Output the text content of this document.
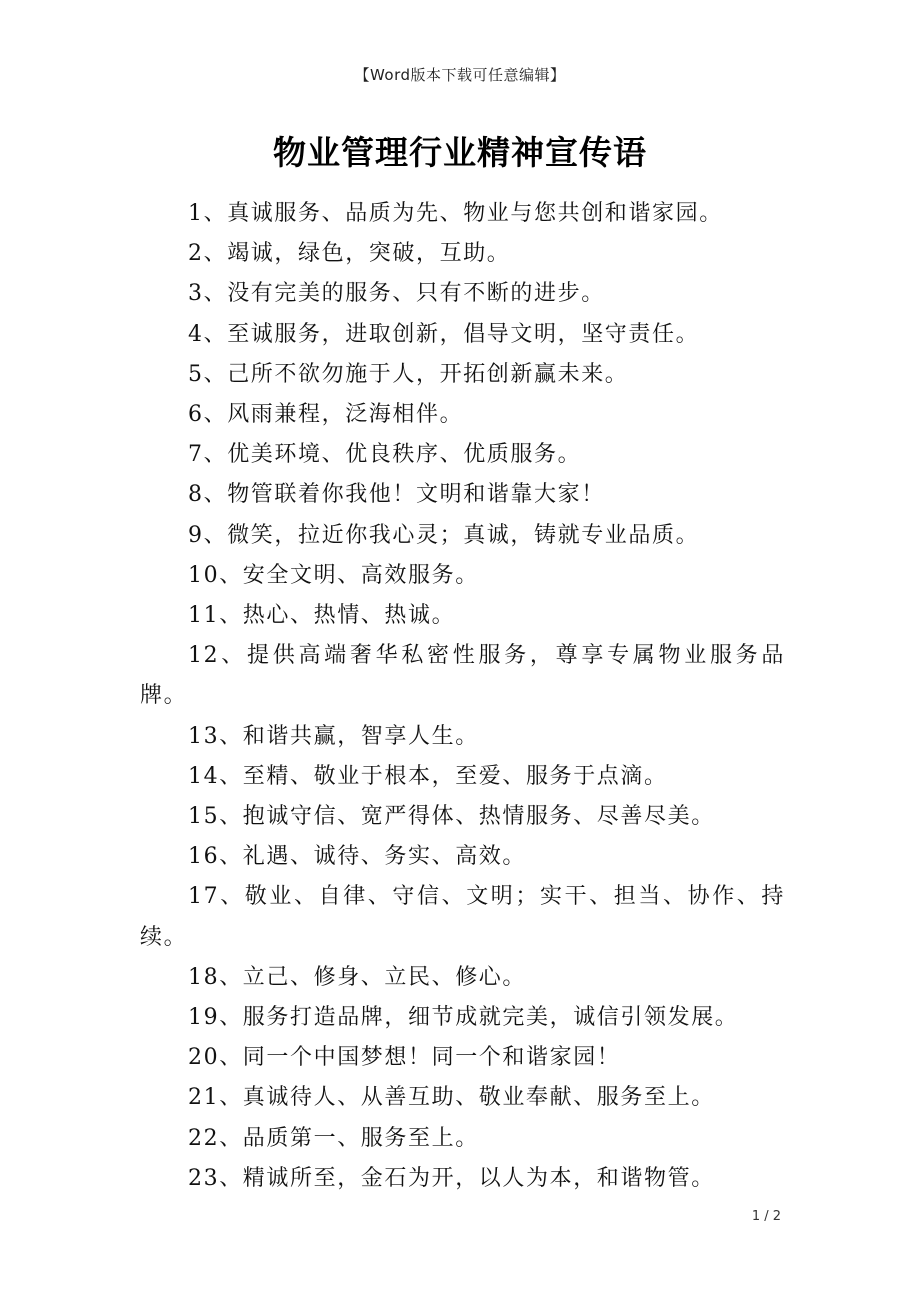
【Word版本下载可任意编辑】
物业管理行业精神宣传语

1、真诚服务、品质为先、物业与您共创和谐家园。

2、竭诚，绿色，突破，互助。

3、没有完美的服务、只有不断的进步。

4、至诚服务，进取创新，倡导文明，坚守责任。

5、己所不欲勿施于人，开拓创新赢未来。

6、风雨兼程，泛海相伴。

7、优美环境、优良秩序、优质服务。

8、物管联着你我他！文明和谐靠大家！

9、微笑，拉近你我心灵；真诚，铸就专业品质。

10、安全文明、高效服务。

11、热心、热情、热诚。

12、提供高端奢华私密性服务，尊享专属物业服务品牌。

13、和谐共赢，智享人生。

14、至精、敬业于根本，至爱、服务于点滴。

15、抱诚守信、宽严得体、热情服务、尽善尽美。

16、礼遇、诚待、务实、高效。

17、敬业、自律、守信、文明；实干、担当、协作、持续。

18、立己、修身、立民、修心。

19、服务打造品牌，细节成就完美，诚信引领发展。

20、同一个中国梦想！同一个和谐家园！

21、真诚待人、从善互助、敬业奉献、服务至上。

22、品质第一、服务至上。

23、精诚所至，金石为开，以人为本，和谐物管。

1 / 2
